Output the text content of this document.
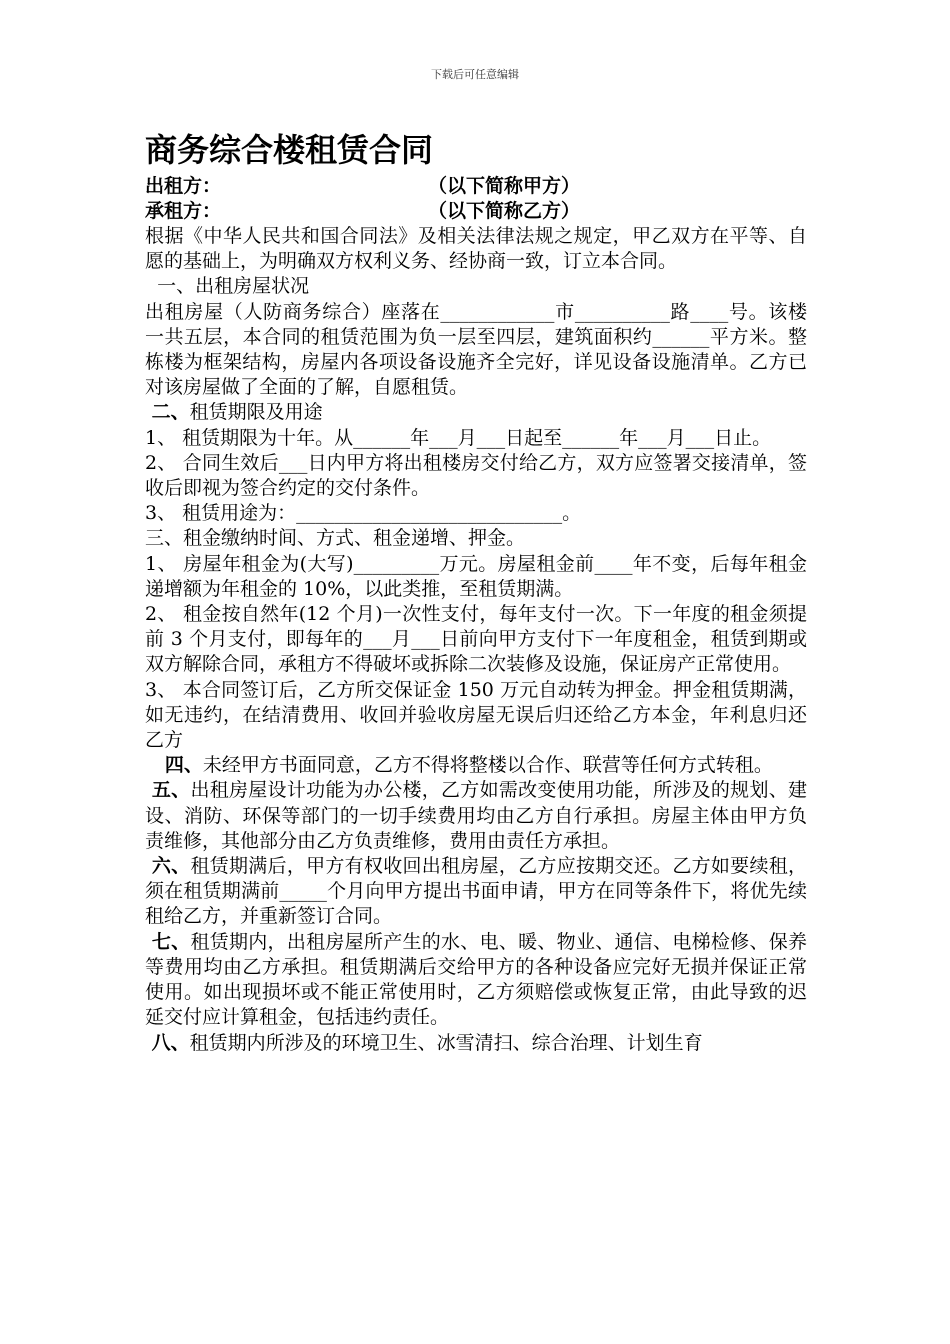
下载后可任意编辑
商务综合楼租赁合同
出租方：	（以下简称甲方）
承租方：	（以下简称乙方）

根据《中华人民共和国合同法》及相关法律法规之规定，甲乙双方在平等、自愿的基础上，为明确双方权利义务、经协商一致，订立本合同。

一、出租房屋状况

出租房屋（人防商务综合）座落在____________市__________路____号。该楼一共五层，本合同的租赁范围为负一层至四层，建筑面积约______平方米。整栋楼为框架结构，房屋内各项设备设施齐全完好，详见设备设施清单。乙方已对该房屋做了全面的了解，自愿租赁。

二、租赁期限及用途

1、 租赁期限为十年。从______年___月___日起至______年___月___日止。

2、 合同生效后___日内甲方将出租楼房交付给乙方，双方应签署交接清单，签收后即视为签合约定的交付条件。

3、 租赁用途为：____________________________。

三、租金缴纳时间、方式、租金递增、押金。

1、 房屋年租金为(大写)_________万元。房屋租金前____年不变，后每年租金递增额为年租金的 10%，以此类推，至租赁期满。

2、 租金按自然年(12 个月)一次性支付，每年支付一次。下一年度的租金须提前 3 个月支付，即每年的___月___日前向甲方支付下一年度租金，租赁到期或双方解除合同，承租方不得破坏或拆除二次装修及设施，保证房产正常使用。

3、 本合同签订后，乙方所交保证金 150 万元自动转为押金。押金租赁期满，如无违约，在结清费用、收回并验收房屋无误后归还给乙方本金，年利息归还乙方

四、未经甲方书面同意，乙方不得将整楼以合作、联营等任何方式转租。

五、出租房屋设计功能为办公楼，乙方如需改变使用功能，所涉及的规划、建设、消防、环保等部门的一切手续费用均由乙方自行承担。房屋主体由甲方负责维修，其他部分由乙方负责维修，费用由责任方承担。

六、租赁期满后，甲方有权收回出租房屋，乙方应按期交还。乙方如要续租，须在租赁期满前_____个月向甲方提出书面申请，甲方在同等条件下，将优先续租给乙方，并重新签订合同。

七、租赁期内，出租房屋所产生的水、电、暖、物业、通信、电梯检修、保养等费用均由乙方承担。租赁期满后交给甲方的各种设备应完好无损并保证正常使用。如出现损坏或不能正常使用时，乙方须赔偿或恢复正常，由此导致的迟延交付应计算租金，包括违约责任。

八、租赁期内所涉及的环境卫生、冰雪清扫、综合治理、计划生育
